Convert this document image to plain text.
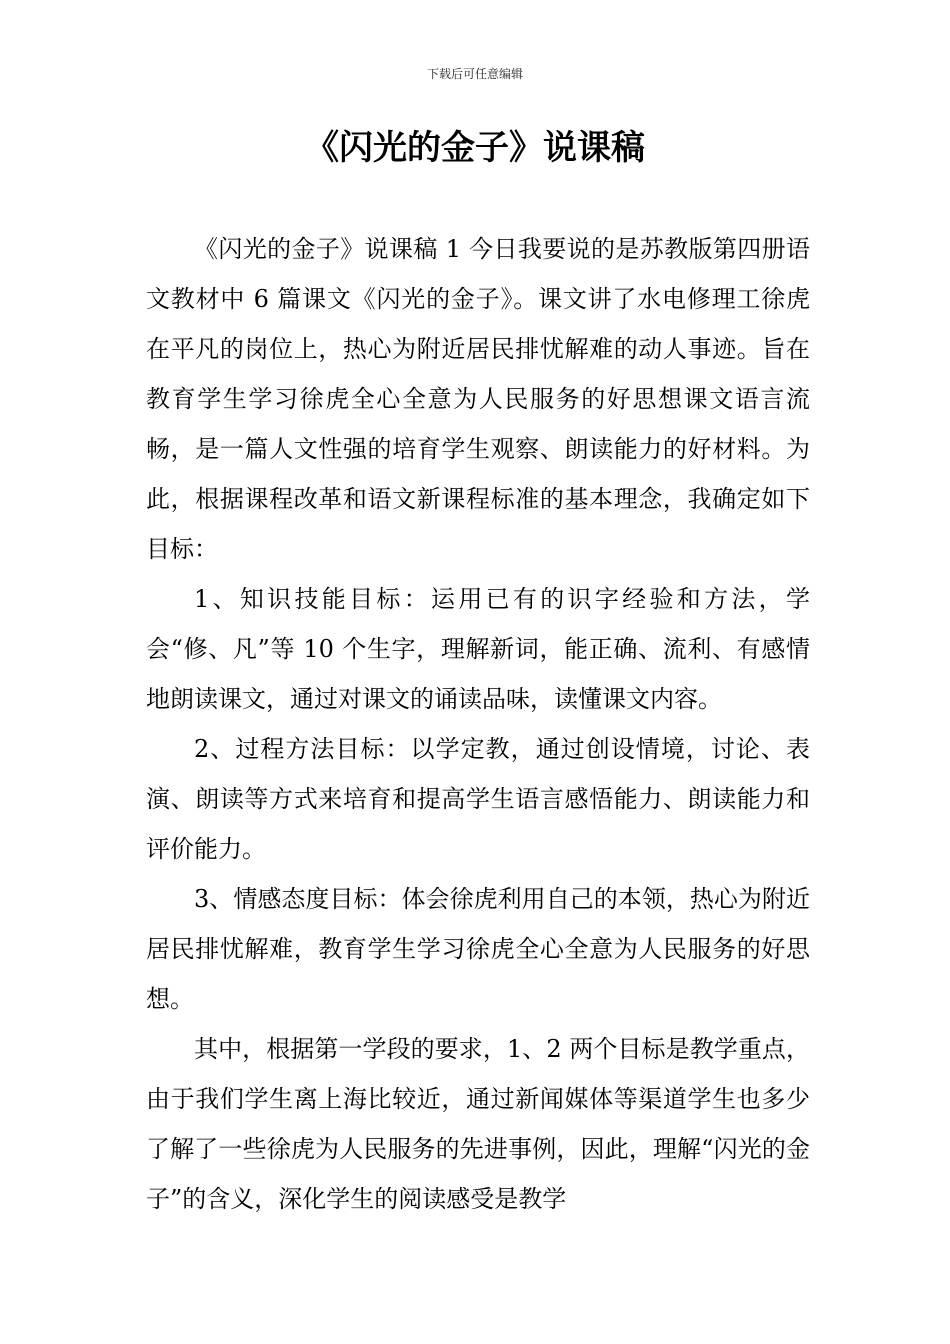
下载后可任意编辑
《闪光的金子》说课稿

《闪光的金子》说课稿 1 今日我要说的是苏教版第四册语文教材中 6 篇课文《闪光的金子》。课文讲了水电修理工徐虎在平凡的岗位上，热心为附近居民排忧解难的动人事迹。旨在教育学生学习徐虎全心全意为人民服务的好思想课文语言流畅，是一篇人文性强的培育学生观察、朗读能力的好材料。为此，根据课程改革和语文新课程标准的基本理念，我确定如下目标：

1、知识技能目标：运用已有的识字经验和方法，学会“修、凡”等 10 个生字，理解新词，能正确、流利、有感情地朗读课文，通过对课文的诵读品味，读懂课文内容。

2、过程方法目标：以学定教，通过创设情境，讨论、表演、朗读等方式来培育和提高学生语言感悟能力、朗读能力和评价能力。

3、情感态度目标：体会徐虎利用自己的本领，热心为附近居民排忧解难，教育学生学习徐虎全心全意为人民服务的好思想。

其中，根据第一学段的要求，1、2 两个目标是教学重点，由于我们学生离上海比较近，通过新闻媒体等渠道学生也多少了解了一些徐虎为人民服务的先进事例，因此，理解“闪光的金子”的含义，深化学生的阅读感受是教学
